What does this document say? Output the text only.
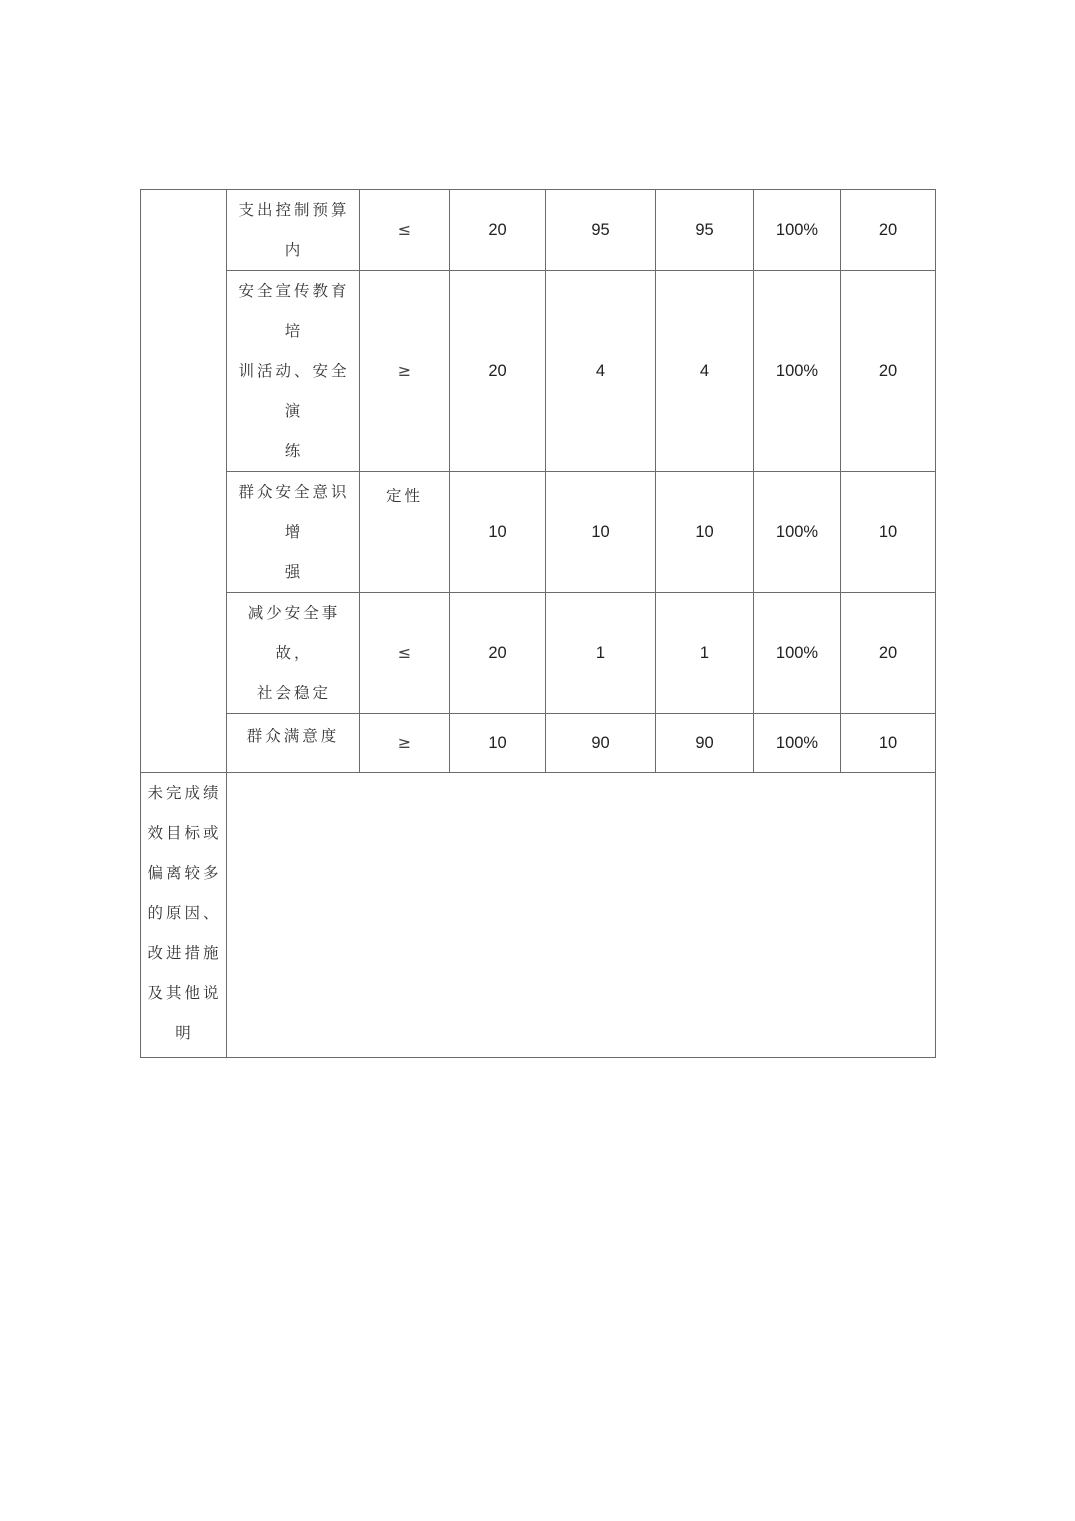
	支出控制预算内	≤	20	95	95	100%	20

	安全宣传教育培
训活动、安全演
练	≥	20	4	4	100%	20

	群众安全意识增
强	定性	10	10	10	100%	10

	减少安全事故，
社会稳定	≤	20	1	1	100%	20

	群众满意度	≥	10	90	90	100%	10

未完成绩
效目标或
偏离较多
的原因、
改进措施
及其他说
明
